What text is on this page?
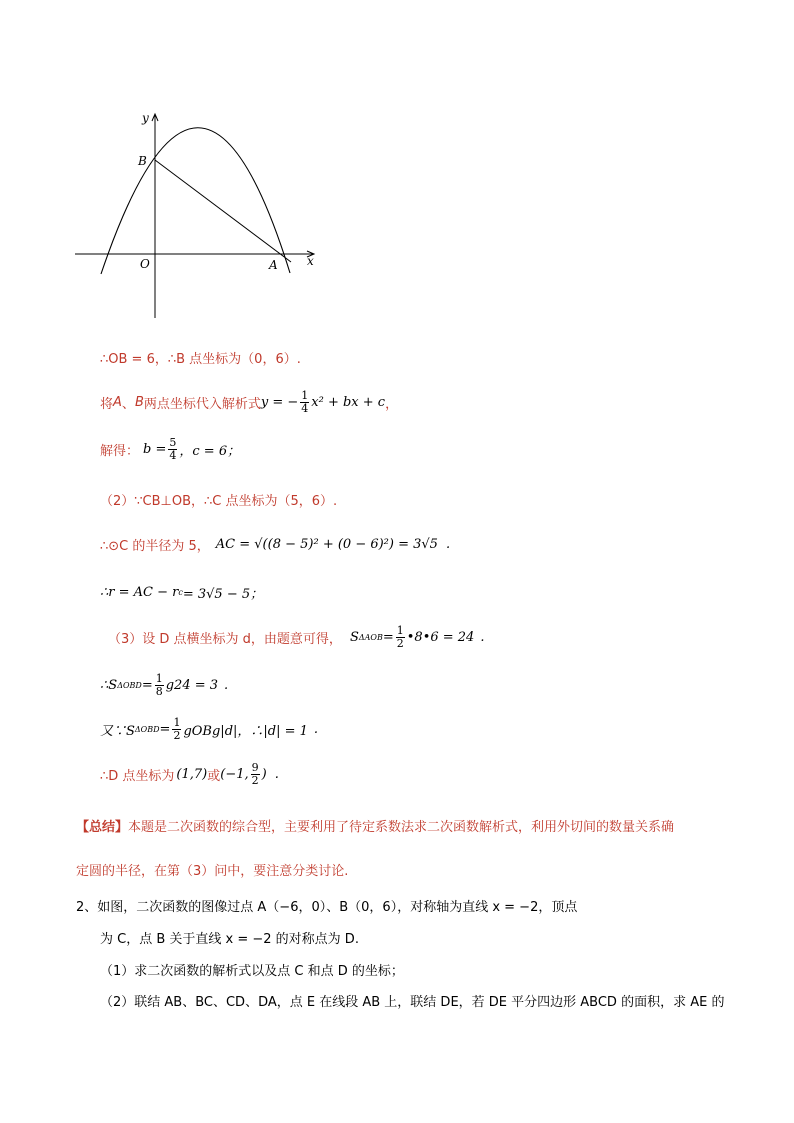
y
x
B
O	A
∴OB = 6，∴B 点坐标为（0，6）.
将 A 、 B 两点坐标代入解析式 y = − $\frac{1}{4} x^2$ + bx + c ，
解得： $b = \frac{5}{4}$ ，c = 6；
（2）∵CB⊥OB，∴C 点坐标为（5，6）.
∴⊙C 的半径为 5， AC = √((8 − 5)² + (0 − 6)²) = 3√5 .
∴r = AC − r c = 3√5 − 5；
（3）设 D 点横坐标为 d，由题意可得， S $\Delta AOB = \frac{1}{2}$ •8•6 = 24 .
∴S $\Delta OBD = \frac{1}{8} g24 = 3$ .
又∵S $\Delta OBD = \frac{1}{2}$ gOBg|d|，∴|d| = 1 .
∴D 点坐标为 (1,7) 或 (−1, $\frac{9}{2}$ ) .
【总结】本题是二次函数的综合型，主要利用了待定系数法求二次函数解析式，利用外切间的数量关系确
定圆的半径，在第（3）问中，要注意分类讨论.
2、如图，二次函数的图像过点 A（−6，0）、B（0，6），对称轴为直线 x = −2，顶点
为 C，点 B 关于直线 x = −2 的对称点为 D.
（1）求二次函数的解析式以及点 C 和点 D 的坐标；
（2）联结 AB、BC、CD、DA，点 E 在线段 AB 上，联结 DE，若 DE 平分四边形 ABCD 的面积，求 AE 的
